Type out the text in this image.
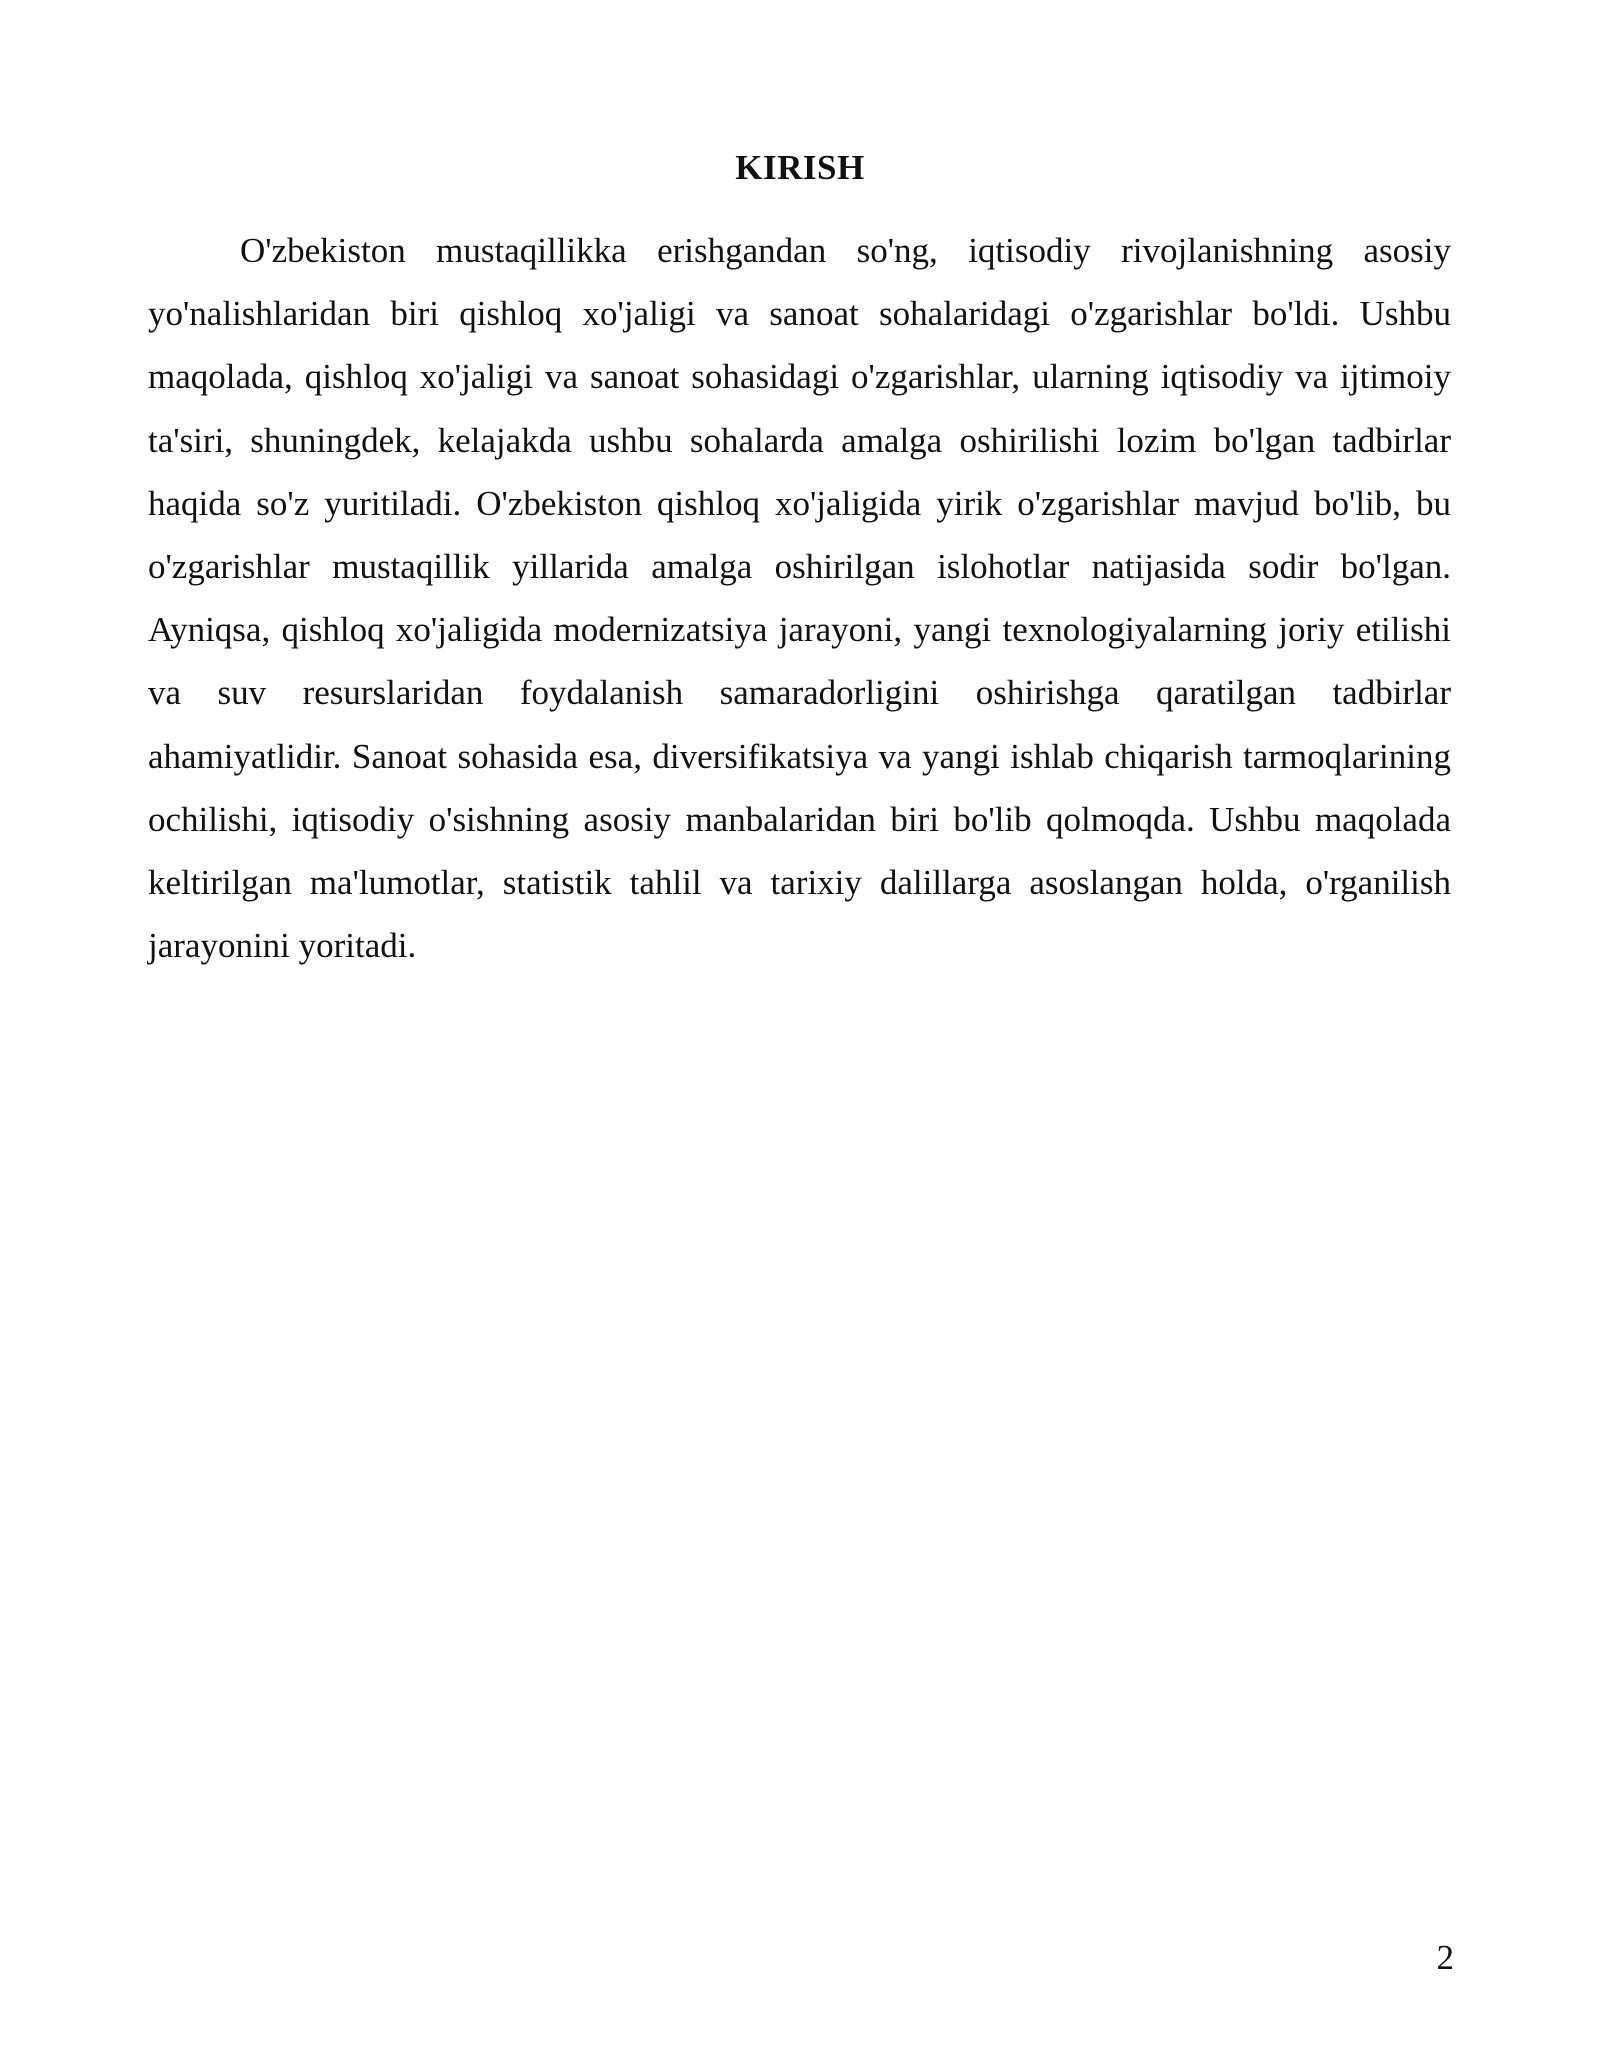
KIRISH

O'zbekiston mustaqillikka erishgandan so'ng, iqtisodiy rivojlanishning asosiy yo'nalishlaridan biri qishloq xo'jaligi va sanoat sohalaridagi o'zgarishlar bo'ldi. Ushbu maqolada, qishloq xo'jaligi va sanoat sohasidagi o'zgarishlar, ularning iqtisodiy va ijtimoiy ta'siri, shuningdek, kelajakda ushbu sohalarda amalga oshirilishi lozim bo'lgan tadbirlar haqida so'z yuritiladi. O'zbekiston qishloq xo'jaligida yirik o'zgarishlar mavjud bo'lib, bu o'zgarishlar mustaqillik yillarida amalga oshirilgan islohotlar natijasida sodir bo'lgan. Ayniqsa, qishloq xo'jaligida modernizatsiya jarayoni, yangi texnologiyalarning joriy etilishi va suv resurslaridan foydalanish samaradorligini oshirishga qaratilgan tadbirlar ahamiyatlidir. Sanoat sohasida esa, diversifikatsiya va yangi ishlab chiqarish tarmoqlarining ochilishi, iqtisodiy o'sishning asosiy manbalaridan biri bo'lib qolmoqda. Ushbu maqolada keltirilgan ma'lumotlar, statistik tahlil va tarixiy dalillarga asoslangan holda, o'rganilish jarayonini yoritadi.

2
